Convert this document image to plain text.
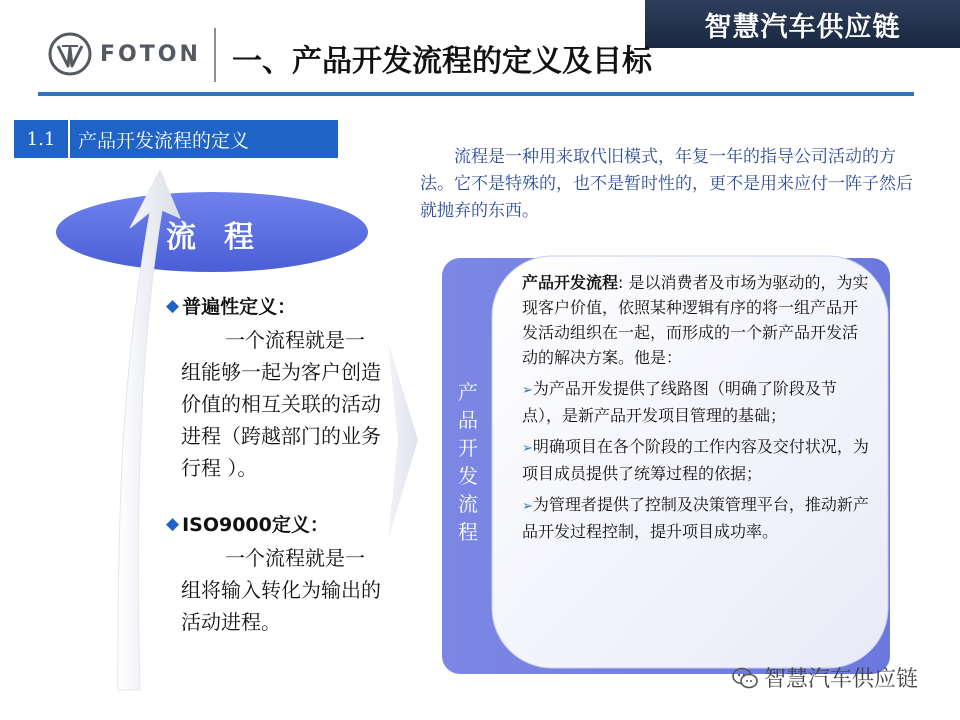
智慧汽车供应链
FOTON 一、产品开发流程的定义及目标
1.1	产品开发流程的定义
流程是一种用来取代旧模式，年复一年的指导公司活动的方法。它不是特殊的，也不是暂时性的，更不是用来应付一阵子然后就抛弃的东西。
流程
◆ 普遍性定义：
一个流程就是一组能够一起为客户创造价值的相互关联的活动进程（跨越部门的业务行程 ）。
◆ ISO9000定义：
一个流程就是一组将输入转化为输出的活动进程。
产品开发流程
产品开发流程: 是以消费者及市场为驱动的，为实现客户价值，依照某种逻辑有序的将一组产品开发活动组织在一起，而形成的一个新产品开发活动的解决方案。他是：
➢为产品开发提供了线路图（明确了阶段及节点），是新产品开发项目管理的基础；
➢明确项目在各个阶段的工作内容及交付状况，为项目成员提供了统筹过程的依据；
➢为管理者提供了控制及决策管理平台，推动新产品开发过程控制，提升项目成功率。
智慧汽车供应链
